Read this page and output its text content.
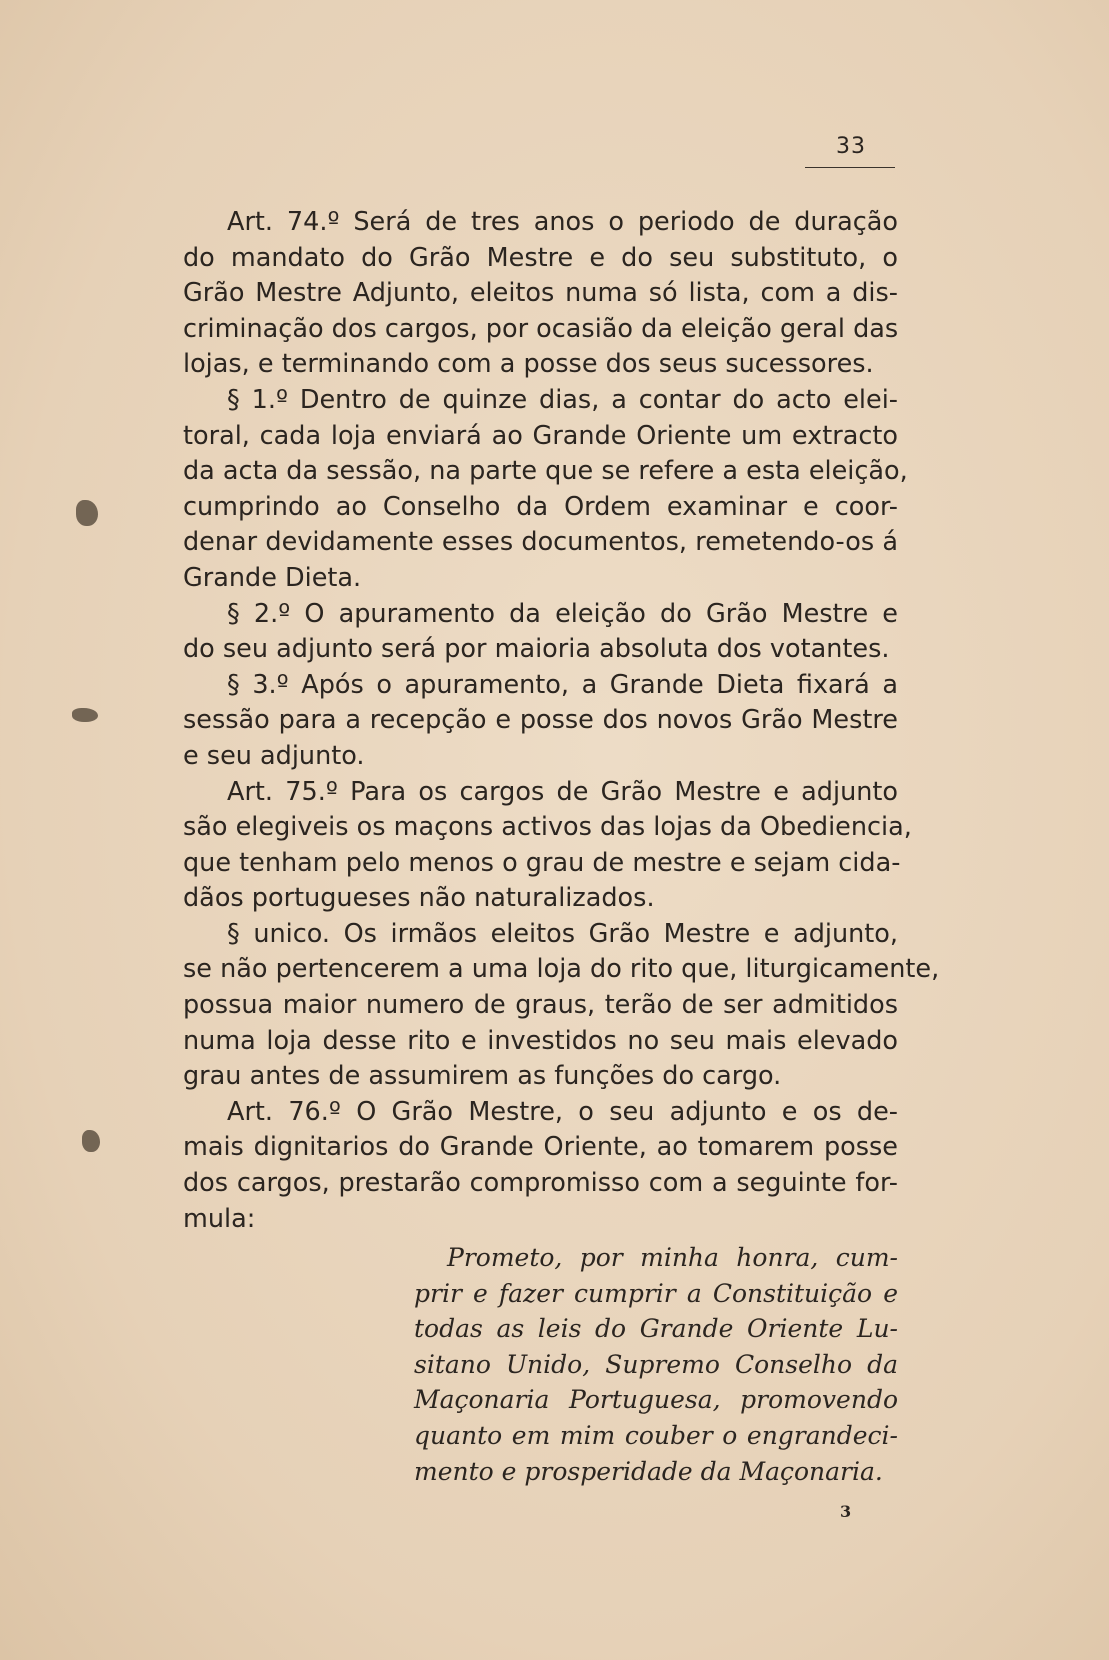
33
Art. 74.º Será de tres anos o periodo de duração
do mandato do Grão Mestre e do seu substituto, o
Grão Mestre Adjunto, eleitos numa só lista, com a dis-
criminação dos cargos, por ocasião da eleição geral das
lojas, e terminando com a posse dos seus sucessores.
§ 1.º Dentro de quinze dias, a contar do acto elei-
toral, cada loja enviará ao Grande Oriente um extracto
da acta da sessão, na parte que se refere a esta eleição,
cumprindo ao Conselho da Ordem examinar e coor-
denar devidamente esses documentos, remetendo-os á
Grande Dieta.
§ 2.º O apuramento da eleição do Grão Mestre e
do seu adjunto será por maioria absoluta dos votantes.
§ 3.º Após o apuramento, a Grande Dieta fixará a
sessão para a recepção e posse dos novos Grão Mestre
e seu adjunto.
Art. 75.º Para os cargos de Grão Mestre e adjunto
são elegiveis os maçons activos das lojas da Obediencia,
que tenham pelo menos o grau de mestre e sejam cida-
dãos portugueses não naturalizados.
§ unico. Os irmãos eleitos Grão Mestre e adjunto,
se não pertencerem a uma loja do rito que, liturgicamente,
possua maior numero de graus, terão de ser admitidos
numa loja desse rito e investidos no seu mais elevado
grau antes de assumirem as funções do cargo.
Art. 76.º O Grão Mestre, o seu adjunto e os de-
mais dignitarios do Grande Oriente, ao tomarem posse
dos cargos, prestarão compromisso com a seguinte for-
mula:
Prometo, por minha honra, cum-
prir e fazer cumprir a Constituição e
todas as leis do Grande Oriente Lu-
sitano Unido, Supremo Conselho da
Maçonaria Portuguesa, promovendo
quanto em mim couber o engrandeci-
mento e prosperidade da Maçonaria.
3
